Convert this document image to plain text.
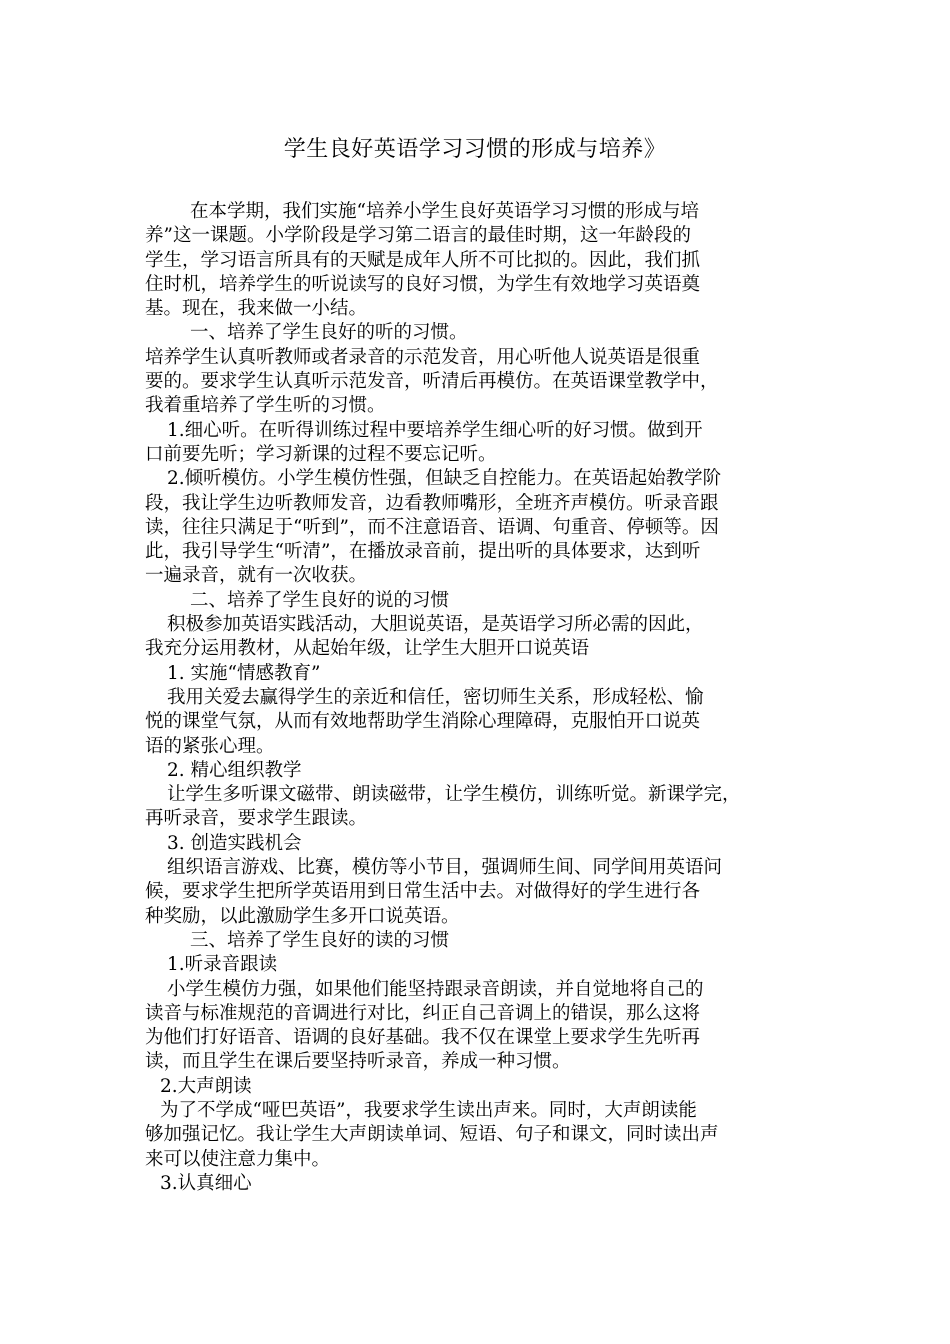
学生良好英语学习习惯的形成与培养》
在本学期，我们实施“培养小学生良好英语学习习惯的形成与培
养”这一课题。小学阶段是学习第二语言的最佳时期，这一年龄段的
学生，学习语言所具有的天赋是成年人所不可比拟的。因此，我们抓
住时机，培养学生的听说读写的良好习惯，为学生有效地学习英语奠
基。现在，我来做一小结。
一、培养了学生良好的听的习惯。
培养学生认真听教师或者录音的示范发音，用心听他人说英语是很重
要的。要求学生认真听示范发音，听清后再模仿。在英语课堂教学中，
我着重培养了学生听的习惯。
1.细心听。在听得训练过程中要培养学生细心听的好习惯。做到开
口前要先听；学习新课的过程不要忘记听。
2.倾听模仿。小学生模仿性强，但缺乏自控能力。在英语起始教学阶
段，我让学生边听教师发音，边看教师嘴形，全班齐声模仿。听录音跟
读，往往只满足于“听到”，而不注意语音、语调、句重音、停顿等。因
此，我引导学生“听清”，在播放录音前，提出听的具体要求，达到听
一遍录音，就有一次收获。
二、培养了学生良好的说的习惯
积极参加英语实践活动，大胆说英语，是英语学习所必需的因此，
我充分运用教材，从起始年级，让学生大胆开口说英语
1. 实施“情感教育”
我用关爱去赢得学生的亲近和信任，密切师生关系，形成轻松、愉
悦的课堂气氛，从而有效地帮助学生消除心理障碍，克服怕开口说英
语的紧张心理。
2. 精心组织教学
让学生多听课文磁带、朗读磁带，让学生模仿，训练听觉。新课学完，
再听录音，要求学生跟读。
3. 创造实践机会
组织语言游戏、比赛，模仿等小节目，强调师生间、同学间用英语问
候，要求学生把所学英语用到日常生活中去。对做得好的学生进行各
种奖励，以此激励学生多开口说英语。
三、培养了学生良好的读的习惯
1.听录音跟读
小学生模仿力强，如果他们能坚持跟录音朗读，并自觉地将自己的
读音与标准规范的音调进行对比，纠正自己音调上的错误，那么这将
为他们打好语音、语调的良好基础。我不仅在课堂上要求学生先听再
读，而且学生在课后要坚持听录音，养成一种习惯。
2.大声朗读
为了不学成“哑巴英语”，我要求学生读出声来。同时，大声朗读能
够加强记忆。我让学生大声朗读单词、短语、句子和课文，同时读出声
来可以使注意力集中。
3.认真细心
